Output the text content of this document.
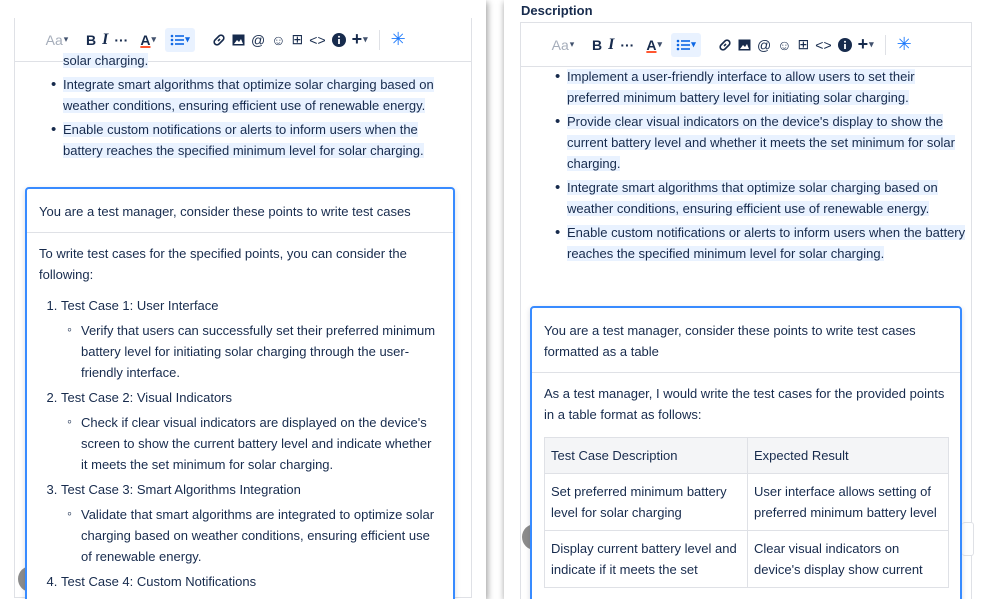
Aa ▾ B I ··· A ▾	▾	@ ☺ ⊞ <> + ▾ ✳
solar charging.
• Integrate smart algorithms that optimize solar charging based on weather conditions, ensuring efficient use of renewable energy.
• Enable custom notifications or alerts to inform users when the battery reaches the specified minimum level for solar charging.
You are a test manager, consider these points to write test cases

To write test cases for the specified points, you can consider the following:

1. Test Case 1: User Interface
◦ Verify that users can successfully set their preferred minimum battery level for initiating solar charging through the user-friendly interface.
2. Test Case 2: Visual Indicators
◦ Check if clear visual indicators are displayed on the device's screen to show the current battery level and indicate whether it meets the set minimum for solar charging.
3. Test Case 3: Smart Algorithms Integration
◦ Validate that smart algorithms are integrated to optimize solar charging based on weather conditions, ensuring efficient use of renewable energy.
4. Test Case 4: Custom Notifications
Description
Aa ▾ B I ··· A ▾	▾	@ ☺ ⊞ <> + ▾ ✳
• Implement a user-friendly interface to allow users to set their preferred minimum battery level for initiating solar charging.
• Provide clear visual indicators on the device's display to show the current battery level and whether it meets the set minimum for solar charging.
• Integrate smart algorithms that optimize solar charging based on weather conditions, ensuring efficient use of renewable energy.
• Enable custom notifications or alerts to inform users when the battery reaches the specified minimum level for solar charging.
You are a test manager, consider these points to write test cases formatted as a table

As a test manager, I would write the test cases for the provided points in a table format as follows:

Test Case Description	Expected Result
Set preferred minimum battery level for solar charging	User interface allows setting of preferred minimum battery level
Display current battery level and indicate if it meets the set	Clear visual indicators on device's display show current
